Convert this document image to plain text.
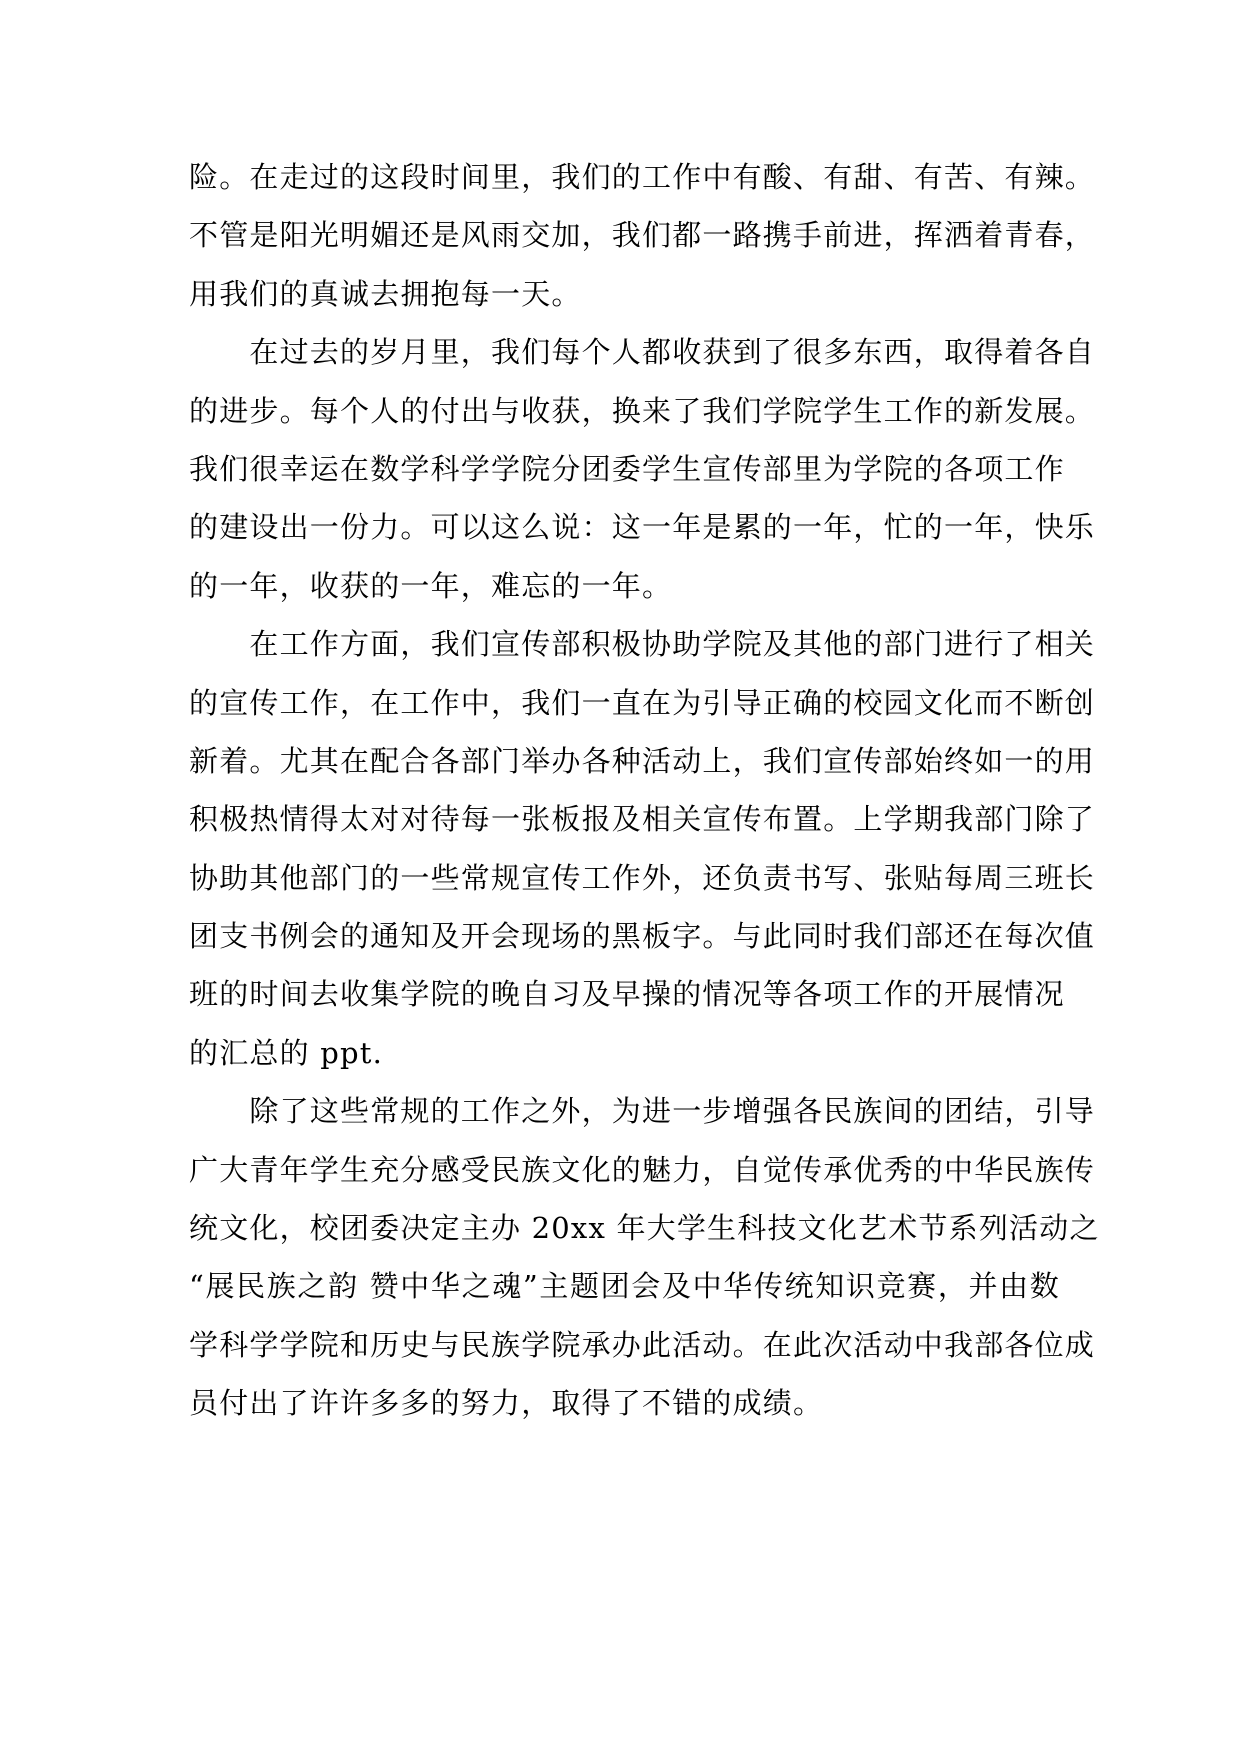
险。在走过的这段时间里，我们的工作中有酸、有甜、有苦、有辣。
不管是阳光明媚还是风雨交加，我们都一路携手前进，挥洒着青春，
用我们的真诚去拥抱每一天。
　　在过去的岁月里，我们每个人都收获到了很多东西，取得着各自
的进步。每个人的付出与收获，换来了我们学院学生工作的新发展。
我们很幸运在数学科学学院分团委学生宣传部里为学院的各项工作
的建设出一份力。可以这么说：这一年是累的一年，忙的一年，快乐
的一年，收获的一年，难忘的一年。
　　在工作方面，我们宣传部积极协助学院及其他的部门进行了相关
的宣传工作，在工作中，我们一直在为引导正确的校园文化而不断创
新着。尤其在配合各部门举办各种活动上，我们宣传部始终如一的用
积极热情得太对对待每一张板报及相关宣传布置。上学期我部门除了
协助其他部门的一些常规宣传工作外，还负责书写、张贴每周三班长
团支书例会的通知及开会现场的黑板字。与此同时我们部还在每次值
班的时间去收集学院的晚自习及早操的情况等各项工作的开展情况
的汇总的 ppt.
　　除了这些常规的工作之外，为进一步增强各民族间的团结，引导
广大青年学生充分感受民族文化的魅力，自觉传承优秀的中华民族传
统文化，校团委决定主办 20xx 年大学生科技文化艺术节系列活动之
“展民族之韵 赞中华之魂”主题团会及中华传统知识竞赛，并由数
学科学学院和历史与民族学院承办此活动。在此次活动中我部各位成
员付出了许许多多的努力，取得了不错的成绩。
